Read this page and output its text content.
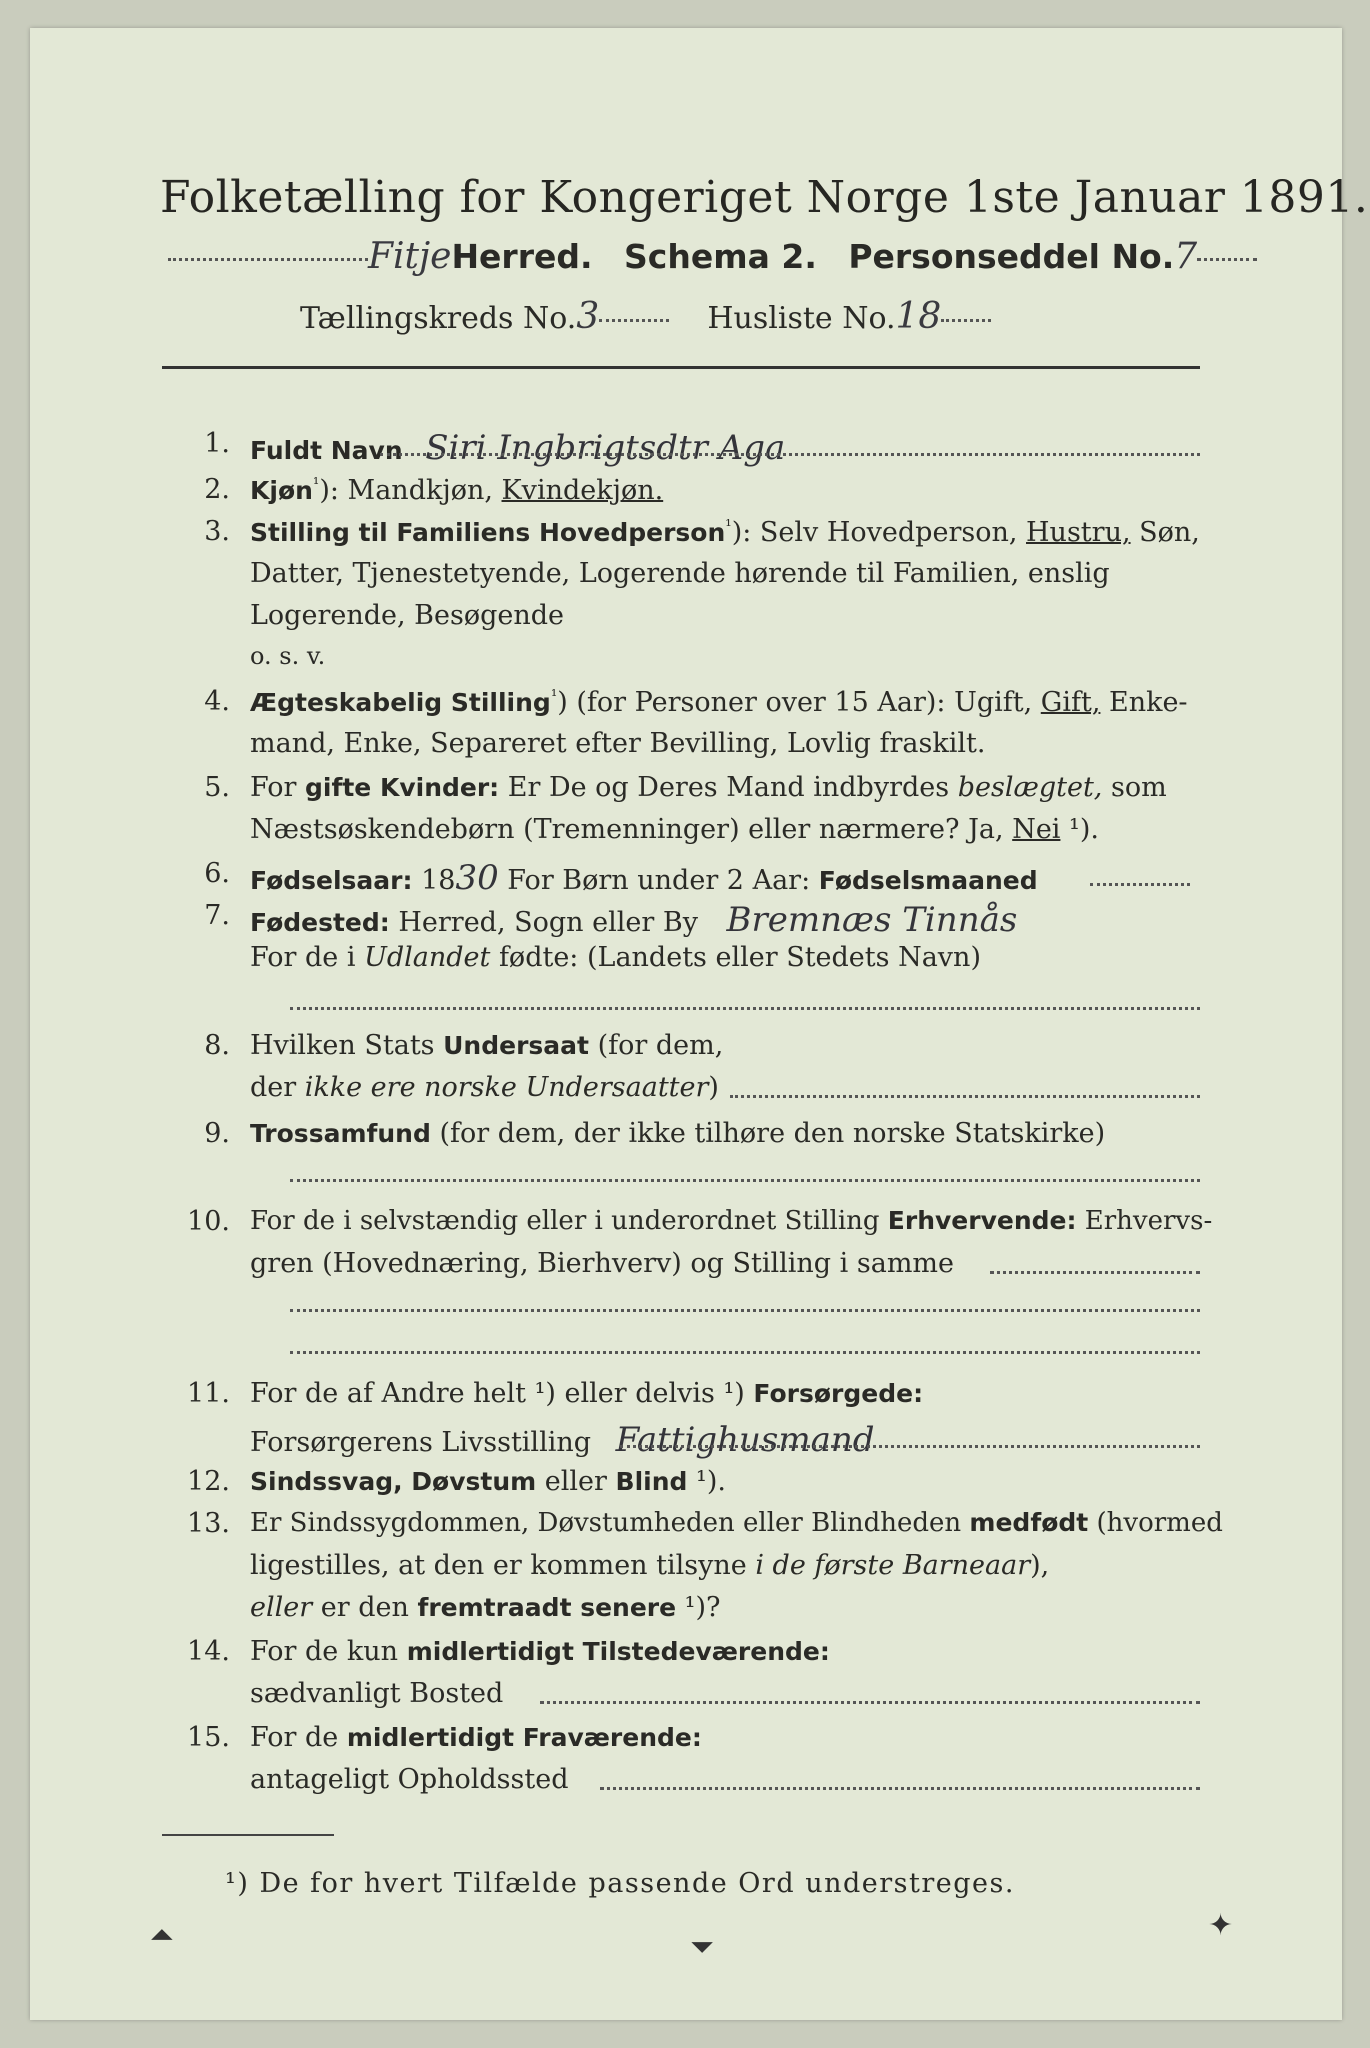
Folketælling for Kongeriget Norge 1ste Januar 1891.
FitjeHerred. Schema 2. Personseddel No.7
Tællingskreds No.3	Husliste No.18
1. Fuldt Navn Siri Ingbrigtsdtr Aga
2. Kjøn$^{^1}$): Mandkjøn, Kvindekjøn.
3. Stilling til Familiens Hovedperson$^{^1}$): Selv Hovedperson, Hustru, Søn,
Datter, Tjenestetyende, Logerende hørende til Familien, enslig
Logerende, Besøgende
o. s. v.
4. Ægteskabelig Stilling$^{^1}$) (for Personer over 15 Aar): Ugift, Gift, Enke-
mand, Enke, Separeret efter Bevilling, Lovlig fraskilt.
5. For gifte Kvinder: Er De og Deres Mand indbyrdes beslægtet, som
Næstsøskendebørn (Tremenninger) eller nærmere? Ja, Nei ¹).
6. Fødselsaar: 1830 For Børn under 2 Aar: Fødselsmaaned
7. Fødested: Herred, Sogn eller By Bremnæs Tinnås
For de i Udlandet fødte: (Landets eller Stedets Navn)
8. Hvilken Stats Undersaat (for dem,
der ikke ere norske Undersaatter)
9. Trossamfund (for dem, der ikke tilhøre den norske Statskirke)
10. For de i selvstændig eller i underordnet Stilling Erhvervende: Erhvervs-
gren (Hovednæring, Bierhverv) og Stilling i samme
11. For de af Andre helt ¹) eller delvis ¹) Forsørgede:
Forsørgerens Livsstilling Fattighusmand
12. Sindssvag, Døvstum eller Blind ¹).
13. Er Sindssygdommen, Døvstumheden eller Blindheden medfødt (hvormed
ligestilles, at den er kommen tilsyne i de første Barneaar),
eller er den fremtraadt senere ¹)?
14. For de kun midlertidigt Tilstedeværende:
sædvanligt Bosted
15. For de midlertidigt Fraværende:
antageligt Opholdssted
¹) De for hvert Tilfælde passende Ord understreges.
⏶	⏷
✦
